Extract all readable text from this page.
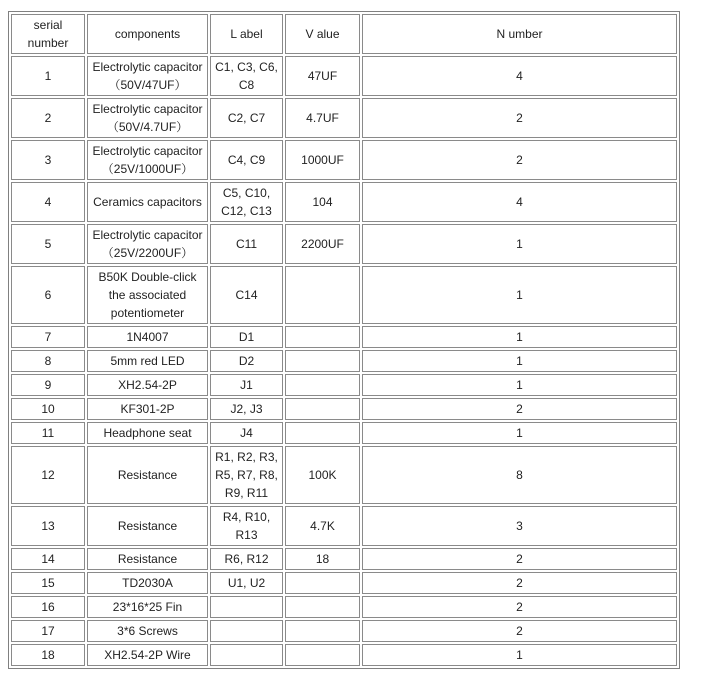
serial number	components	L abel	V alue	N umber
1	Electrolytic capacitor （50V/47UF）	C1, C3, C6, C8	47UF	4
2	Electrolytic capacitor （50V/4.7UF）	C2, C7	4.7UF	2
3	Electrolytic capacitor （25V/1000UF）	C4, C9	1000UF	2
4	Ceramics capacitors	C5, C10, C12, C13	104	4
5	Electrolytic capacitor （25V/2200UF）	C11	2200UF	1
6	B50K Double-click the associated potentiometer	C14		1
7	1N4007	D1		1
8	5mm red LED	D2		1
9	XH2.54-2P	J1		1
10	KF301-2P	J2, J3		2
11	Headphone seat	J4		1
12	Resistance	R1, R2, R3, R5, R7, R8, R9, R11	100K	8
13	Resistance	R4, R10, R13	4.7K	3
14	Resistance	R6, R12	18	2
15	TD2030A	U1, U2		2
16	23*16*25 Fin			2
17	3*6 Screws			2
18	XH2.54-2P Wire			1
